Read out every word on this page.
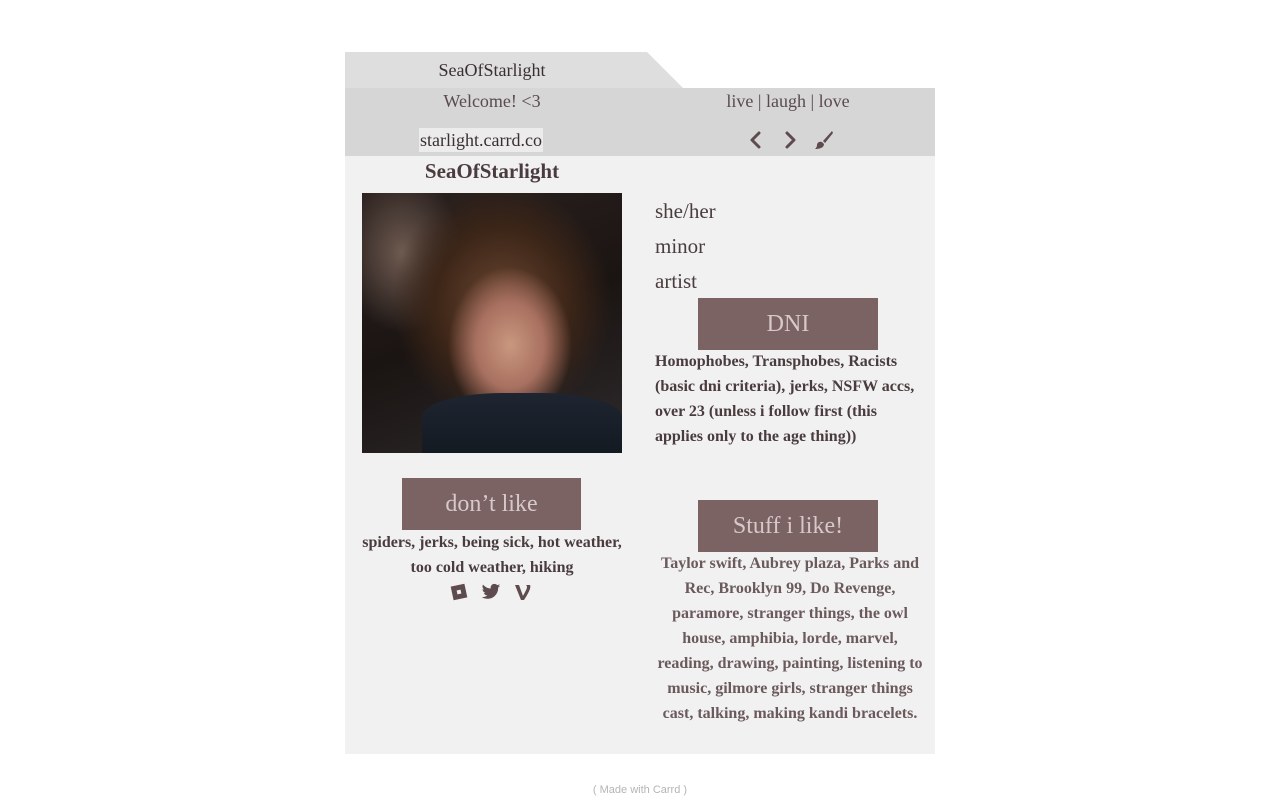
SeaOfStarlight
Welcome! <3	live | laugh | love
starlight.carrd.co
SeaOfStarlight
don’t like
spiders, jerks, being sick, hot weather, too cold weather, hiking
she/her
minor
artist
DNI
Homophobes, Transphobes, Racists (basic dni criteria), jerks, NSFW accs, over 23 (unless i follow first (this applies only to the age thing))
Stuff i like!
Taylor swift, Aubrey plaza, Parks and Rec, Brooklyn 99, Do Revenge, paramore, stranger things, the owl house, amphibia, lorde, marvel, reading, drawing, painting, listening to music, gilmore girls, stranger things cast, talking, making kandi bracelets.
( Made with Carrd )
